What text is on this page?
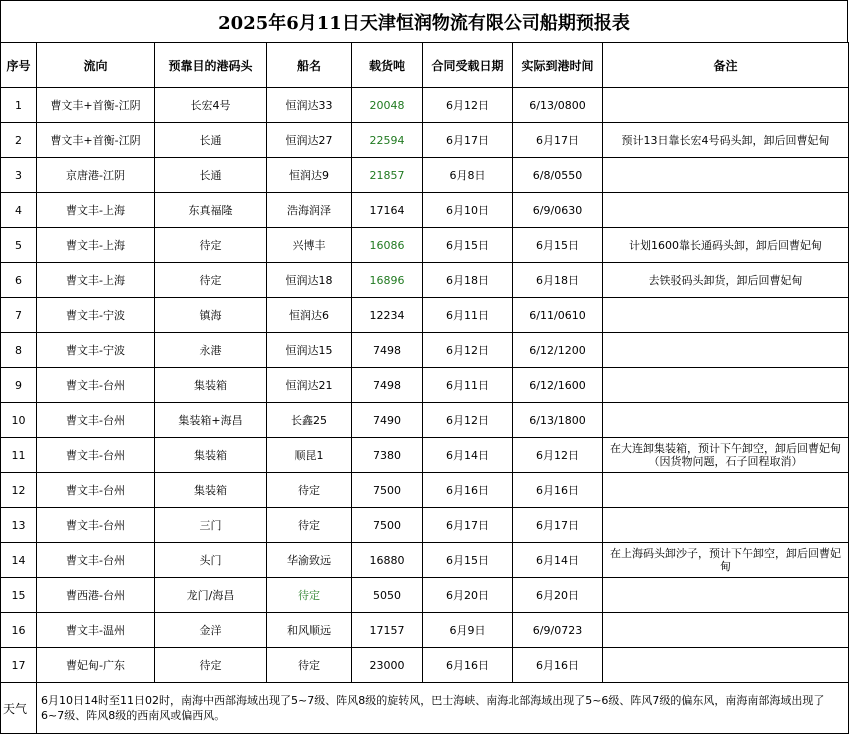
2025年6月11日天津恒润物流有限公司船期预报表
序号	流向	预靠目的港码头	船名	载货吨	合同受载日期	实际到港时间	备注
1	曹文丰+首衡-江阴	长宏4号	恒润达33	20048	6月12日	6/13/0800	
2	曹文丰+首衡-江阴	长通	恒润达27	22594	6月17日	6月17日	预计13日靠长宏4号码头卸，卸后回曹妃甸
3	京唐港-江阴	长通	恒润达9	21857	6月8日	6/8/0550	
4	曹文丰-上海	东真福隆	浩海润泽	17164	6月10日	6/9/0630	
5	曹文丰-上海	待定	兴博丰	16086	6月15日	6月15日	计划1600靠长通码头卸，卸后回曹妃甸
6	曹文丰-上海	待定	恒润达18	16896	6月18日	6月18日	去铁驳码头卸货，卸后回曹妃甸
7	曹文丰-宁波	镇海	恒润达6	12234	6月11日	6/11/0610	
8	曹文丰-宁波	永港	恒润达15	7498	6月12日	6/12/1200	
9	曹文丰-台州	集装箱	恒润达21	7498	6月11日	6/12/1600	
10	曹文丰-台州	集装箱+海昌	长鑫25	7490	6月12日	6/13/1800	
11	曹文丰-台州	集装箱	顺昆1	7380	6月14日	6月12日	在大连卸集装箱，预计下午卸空，卸后回曹妃甸（因货物问题，石子回程取消）
12	曹文丰-台州	集装箱	待定	7500	6月16日	6月16日	
13	曹文丰-台州	三门	待定	7500	6月17日	6月17日	
14	曹文丰-台州	头门	华渝致远	16880	6月15日	6月14日	在上海码头卸沙子，预计下午卸空，卸后回曹妃甸
15	曹西港-台州	龙门/海昌	待定	5050	6月20日	6月20日	
16	曹文丰-温州	金洋	和风顺远	17157	6月9日	6/9/0723	
17	曹妃甸-广东	待定	待定	23000	6月16日	6月16日	
天气	6月10日14时至11日02时，南海中西部海域出现了5~7级、阵风8级的旋转风，巴士海峡、南海北部海域出现了5~6级、阵风7级的偏东风，南海南部海域出现了6~7级、阵风8级的西南风或偏西风。						
